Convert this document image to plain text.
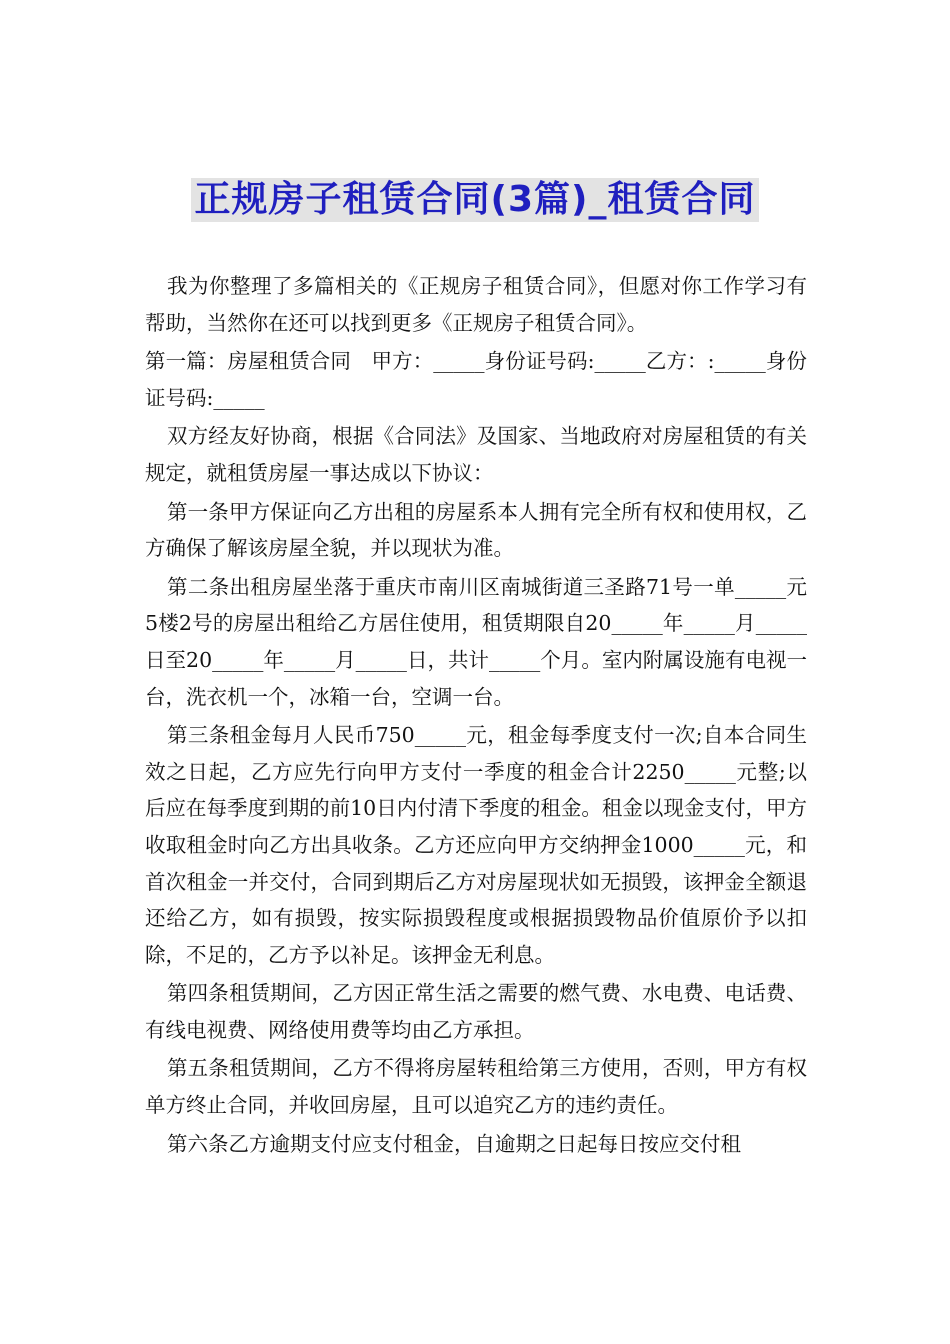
正规房子租赁合同(3篇)_租赁合同

我为你整理了多篇相关的《正规房子租赁合同》，但愿对你工作学习有帮助，当然你在还可以找到更多《正规房子租赁合同》。

第一篇：房屋租赁合同　甲方：_____身份证号码:_____乙方：:_____身份证号码:_____

双方经友好协商，根据《合同法》及国家、当地政府对房屋租赁的有关规定，就租赁房屋一事达成以下协议：

第一条甲方保证向乙方出租的房屋系本人拥有完全所有权和使用权，乙方确保了解该房屋全貌，并以现状为准。

第二条出租房屋坐落于重庆市南川区南城街道三圣路71号一单_____元5楼2号的房屋出租给乙方居住使用，租赁期限自20_____年_____月_____日至20_____年_____月_____日，共计_____个月。室内附属设施有电视一台，洗衣机一个，冰箱一台，空调一台。

第三条租金每月人民币750_____元，租金每季度支付一次;自本合同生效之日起，乙方应先行向甲方支付一季度的租金合计2250_____元整;以后应在每季度到期的前10日内付清下季度的租金。租金以现金支付，甲方收取租金时向乙方出具收条。乙方还应向甲方交纳押金1000_____元，和首次租金一并交付，合同到期后乙方对房屋现状如无损毁，该押金全额退还给乙方，如有损毁，按实际损毁程度或根据损毁物品价值原价予以扣除，不足的，乙方予以补足。该押金无利息。

第四条租赁期间，乙方因正常生活之需要的燃气费、水电费、电话费、有线电视费、网络使用费等均由乙方承担。

第五条租赁期间，乙方不得将房屋转租给第三方使用，否则，甲方有权单方终止合同，并收回房屋，且可以追究乙方的违约责任。

第六条乙方逾期支付应支付租金，自逾期之日起每日按应交付租
